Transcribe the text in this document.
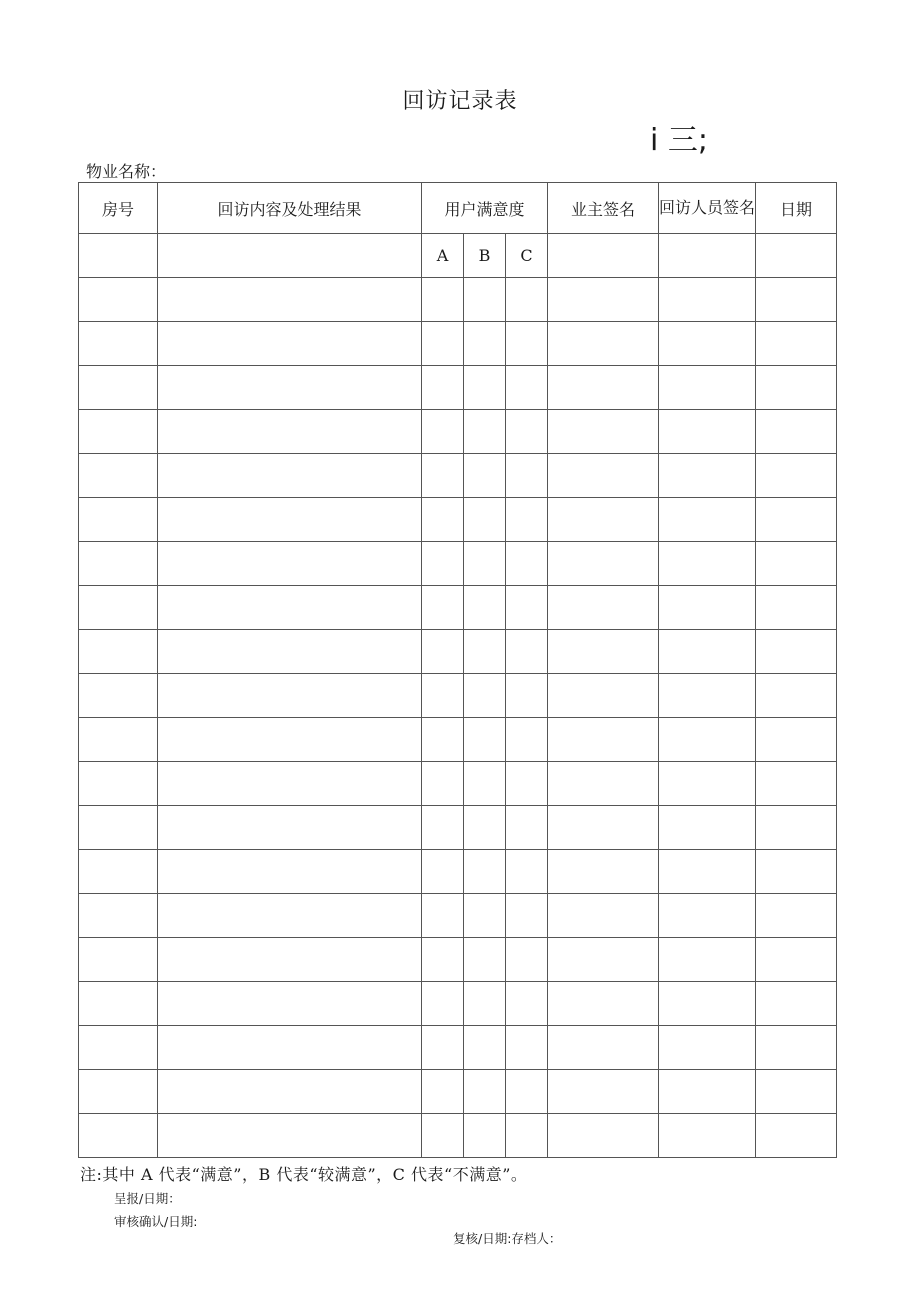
回访记录表
i 三;
物业名称：
房号	回访内容及处理结果	用户满意度			业主签名	回访人员签名	日期
		A	B	C			

注:其中 A 代表“满意”，B 代表“较满意”，C 代表“不满意”。
呈报/日期：
审核确认/日期:
复核/日期:存档人：
